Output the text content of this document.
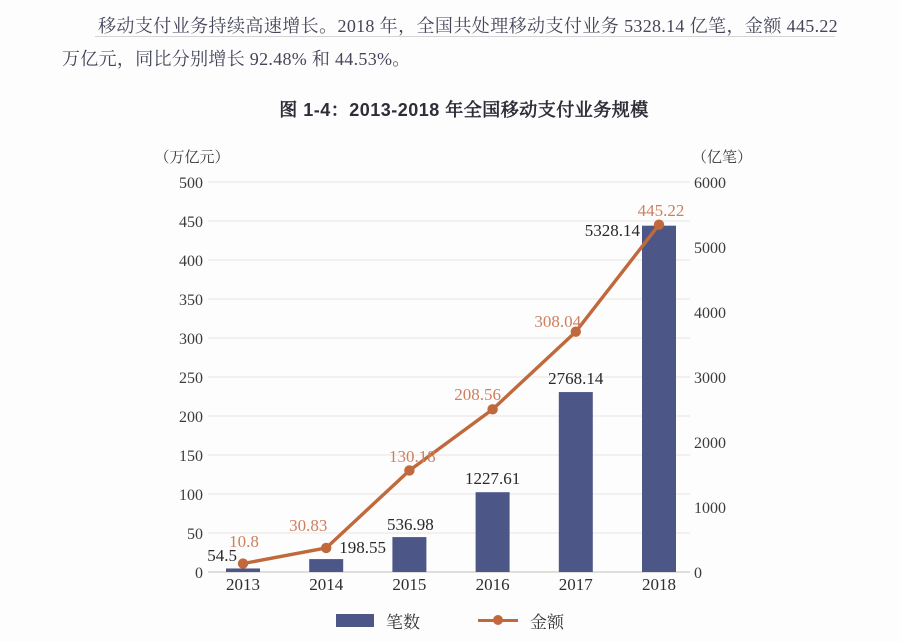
移动支付业务持续高速增长。2018 年，全国共处理移动支付业务 5328.14 亿笔，金额 445.22 万亿元，同比分别增长 92.48% 和 44.53%。

图 1-4：2013-2018 年全国移动支付业务规模
0
50
100
150
200
250
300
350
400
450
500
（万亿元）
0
1000
2000
3000
4000
5000
6000
（亿笔）
2013	2014	2015	2016	2017	2018
54.5	198.55
536.98
1227.61
2768.14
5328.14
10.8
30.83
130.18
208.56
308.04
445.22
笔数	金额
